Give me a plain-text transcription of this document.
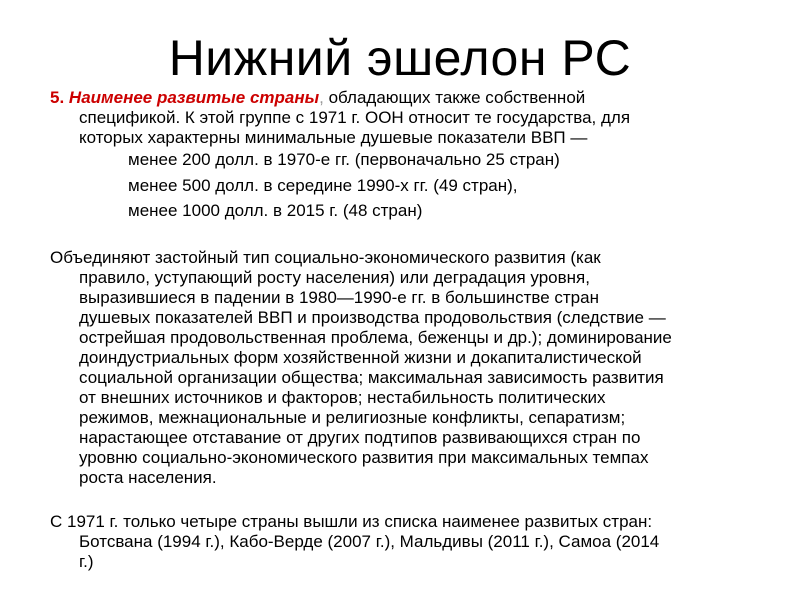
Нижний эшелон РС
5. Наименее развитые страны, обладающих также собственной
спецификой. К этой группе с 1971 г. ООН относит те государства, для
которых характерны минимальные душевые показатели ВВП —
менее 200 долл. в 1970-е гг. (первоначально 25 стран)
менее 500 долл. в середине 1990-х гг. (49 стран),
менее 1000 долл. в 2015 г. (48 стран)
Объединяют застойный тип социально-экономического развития (как
правило, уступающий росту населения) или деградация уровня,
выразившиеся в падении в 1980—1990-е гг. в большинстве стран
душевых показателей ВВП и производства продовольствия (следствие —
острейшая продовольственная проблема, беженцы и др.); доминирование
доиндустриальных форм хозяйственной жизни и докапиталистической
социальной организации общества; максимальная зависимость развития
от внешних источников и факторов; нестабильность политических
режимов, межнациональные и религиозные конфликты, сепаратизм;
нарастающее отставание от других подтипов развивающихся стран по
уровню социально-экономического развития при максимальных темпах
роста населения.
С 1971 г. только четыре страны вышли из списка наименее развитых стран:
Ботсвана (1994 г.), Кабо-Верде (2007 г.), Мальдивы (2011 г.), Самоа (2014
г.)
